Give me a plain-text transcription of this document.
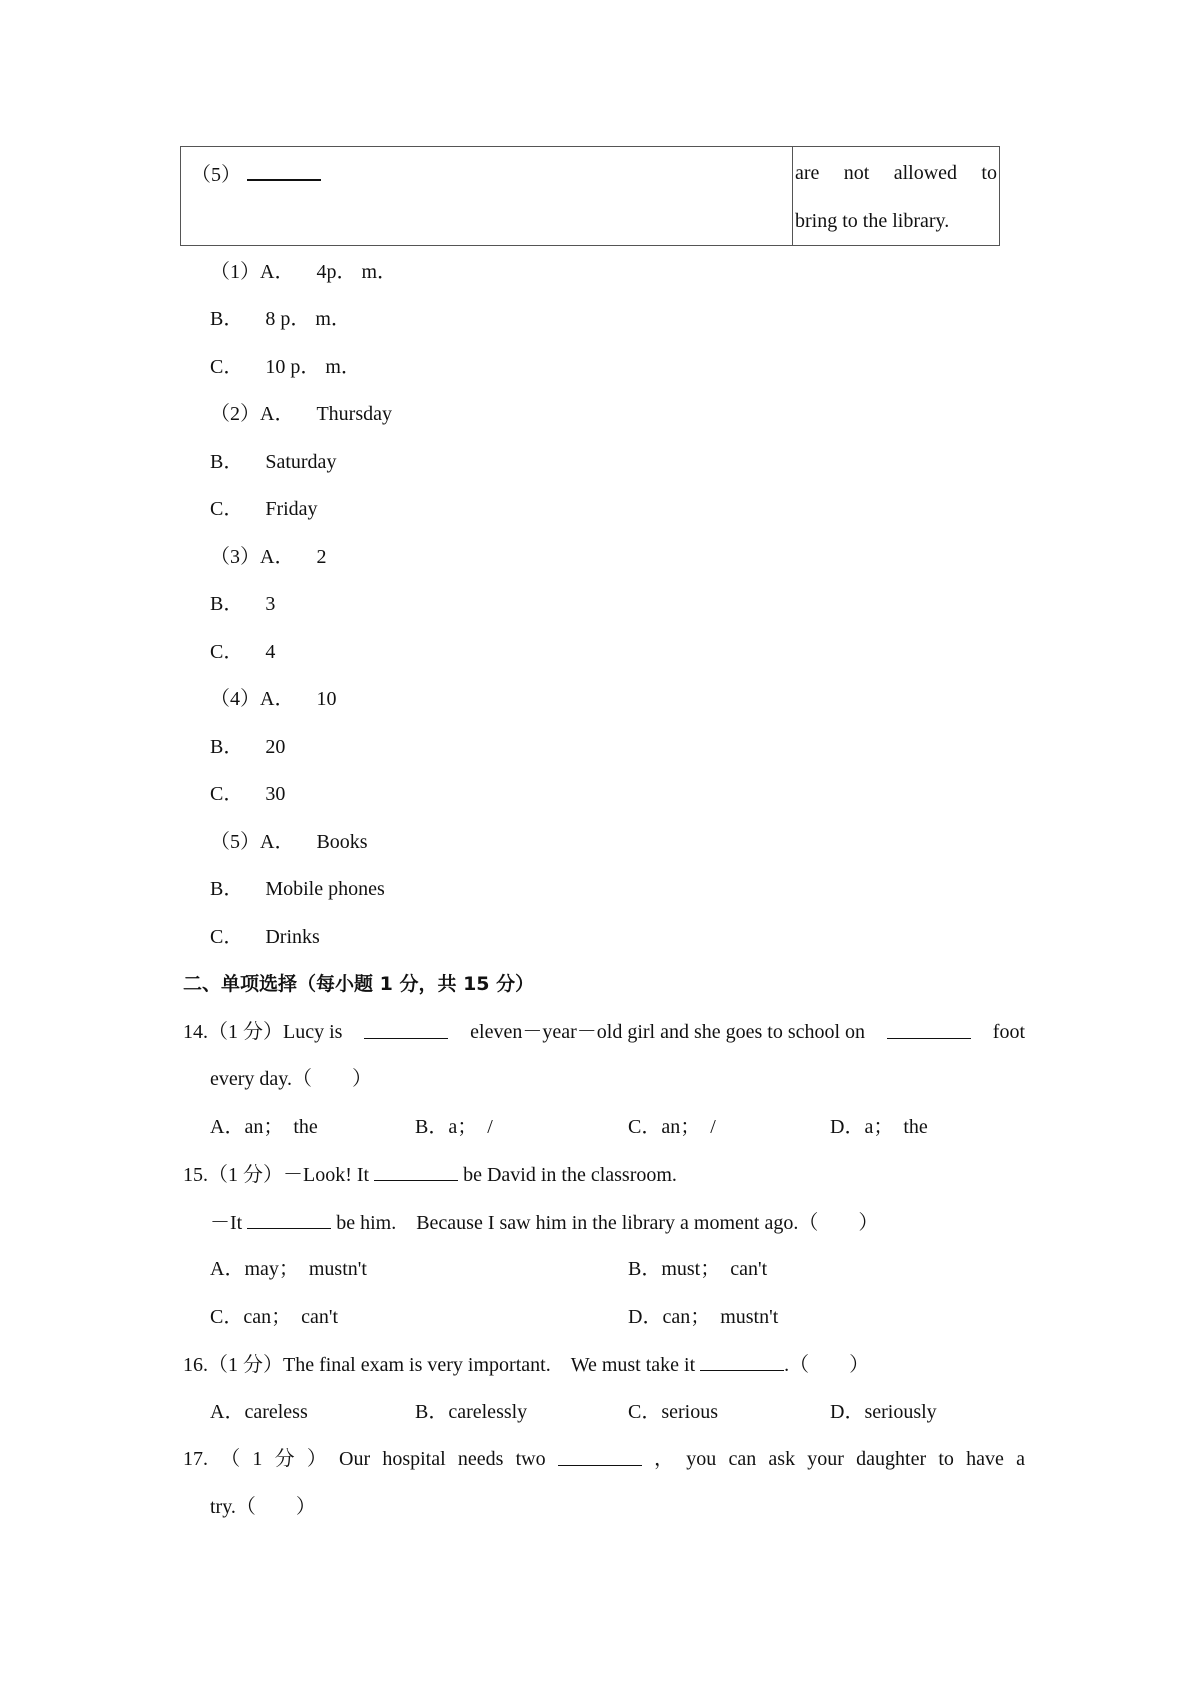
（5）	are not allowed to
bring to the library.
（1）A． 4p． m．
B． 8 p． m．
C． 10 p． m．
（2）A． Thursday
B． Saturday
C． Friday
（3）A． 2
B． 3
C． 4
（4）A． 10
B． 20
C． 30
（5）A． Books
B． Mobile phones
C． Drinks
二、单项选择（每小题 1 分，共 15 分）
14.（1 分）Lucy is	eleven－year－old girl and she goes to school on	foot
every day.（　　）
A．an；　the	B．a；　/	C．an；　/	D．a；　the
15.（1 分）－Look! It	be David in the classroom.
－It	be him.　Because I saw him in the library a moment ago.（　　）
A．may；　mustn't	B．must；　can't
C．can；　can't	D．can；　mustn't
16.（1 分）The final exam is very important.　We must take it	.（　　）
A．careless	B．carelessly	C．serious	D．seriously
17. （ 1 分 ） Our hospital needs two	， you can ask your daughter to have a
try.（　　）
